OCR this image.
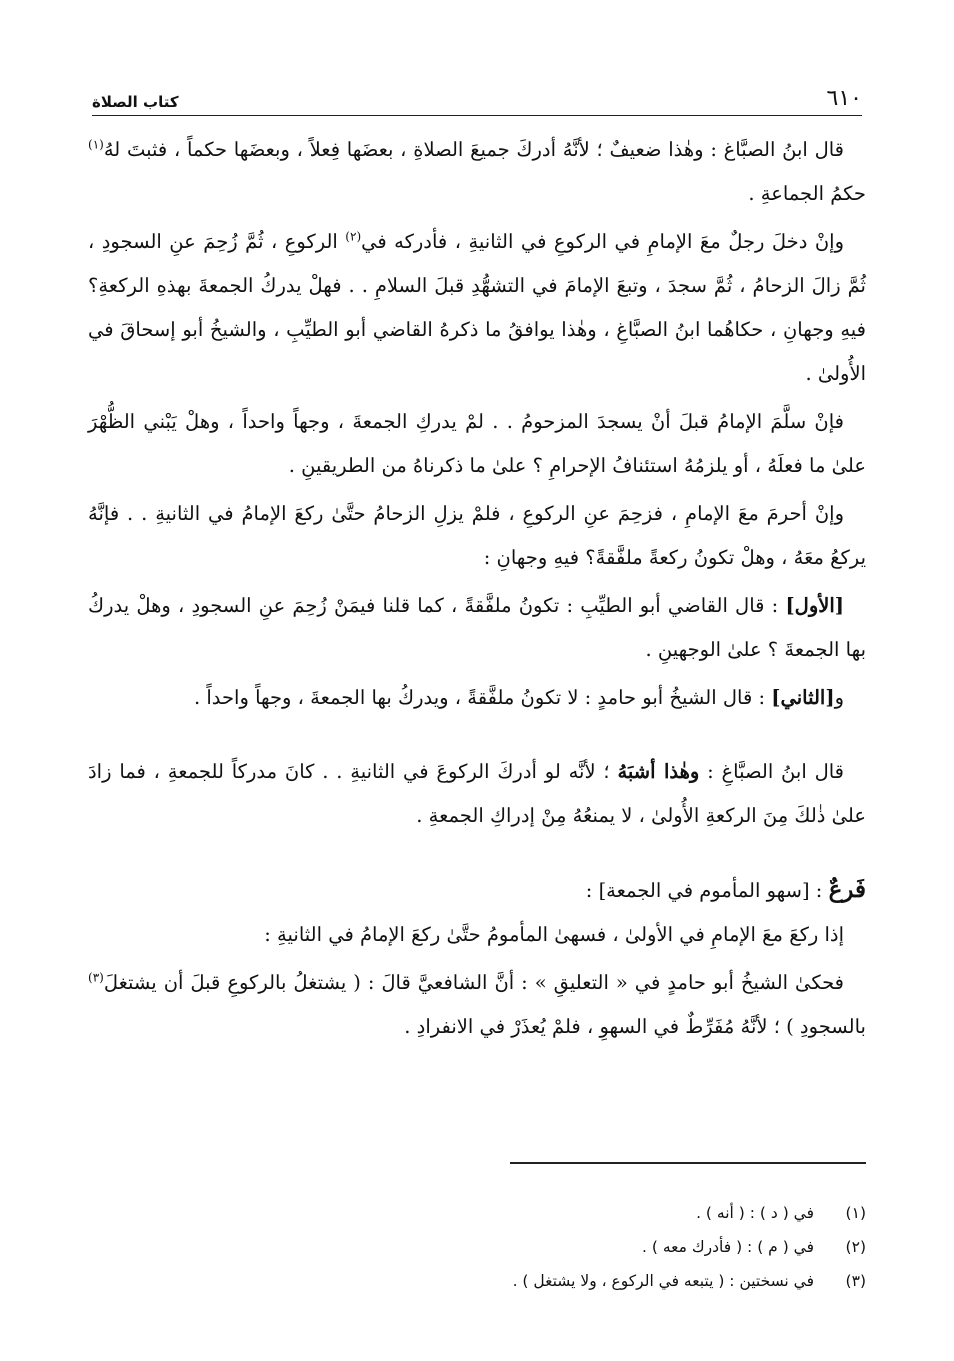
كتاب الصلاة	٦١٠

قال ابنُ الصبَّاغ : وهٰذا ضعيفٌ ؛ لأنَّهُ أدركَ جميعَ الصلاةِ ، بعضَها فِعلاً ، وبعضَها حكماً ، فثبتَ لهُ$^{(١)}$ حكمُ الجماعةِ .

وإنْ دخلَ رجلٌ معَ الإمامِ في الركوعِ في الثانيةِ ، فأدركه في$^{(٢)}$ الركوعِ ، ثُمَّ زُحِمَ عنِ السجودِ ، ثُمَّ زالَ الزحامُ ، ثُمَّ سجدَ ، وتبعَ الإمامَ في التشهُّدِ قبلَ السلامِ . . فهلْ يدركُ الجمعةَ بهذهِ الركعةِ؟ فيهِ وجهانِ ، حكاهُما ابنُ الصبَّاغِ ، وهٰذا يوافقُ ما ذكرهُ القاضي أبو الطيِّبِ ، والشيخُ أبو إسحاقَ في الأُولىٰ .

فإنْ سلَّمَ الإمامُ قبلَ أنْ يسجدَ المزحومُ . . لمْ يدركِ الجمعةَ ، وجهاً واحداً ، وهلْ يَبْني الظُّهْرَ علىٰ ما فعلَهُ ، أو يلزمُهُ استئنافُ الإحرامِ ؟ علىٰ ما ذكرناهُ من الطريقينِ .

وإنْ أحرمَ معَ الإمامِ ، فزحِمَ عنِ الركوعِ ، فلمْ يزلِ الزحامُ حتَّىٰ ركعَ الإمامُ في الثانيةِ . . فإنَّهُ يركعُ معَهُ ، وهلْ تكونُ ركعةً ملفَّقةً؟ فيهِ وجهانِ :

[الأول] : قال القاضي أبو الطيِّبِ : تكونُ ملفَّقةً ، كما قلنا فيمَنْ زُحِمَ عنِ السجودِ ، وهلْ يدركُ بها الجمعةَ ؟ علىٰ الوجهينِ .

و[الثاني] : قال الشيخُ أبو حامدٍ : لا تكونُ ملفَّقةً ، ويدركُ بها الجمعةَ ، وجهاً واحداً .

قال ابنُ الصبَّاغِ : وهٰذا أشبَهُ ؛ لأنَّه لو أدركَ الركوعَ في الثانيةِ . . كانَ مدركاً للجمعةِ ، فما زادَ علىٰ ذٰلكَ مِنَ الركعةِ الأُولىٰ ، لا يمنعُهُ مِنْ إدراكِ الجمعةِ .

فَرعٌ : [سهو المأموم في الجمعة] :

إذا ركعَ معَ الإمامِ في الأولىٰ ، فسهىٰ المأمومُ حتَّىٰ ركعَ الإمامُ في الثانيةِ :

فحكىٰ الشيخُ أبو حامدٍ في « التعليقِ » : أنَّ الشافعيَّ قالَ : ( يشتغلُ بالركوعِ قبلَ أن يشتغلَ$^{(٣)}$ بالسجودِ ) ؛ لأنَّهُ مُفَرِّطٌ في السهوِ ، فلمْ يُعذَرْ في الانفرادِ .

(١)
في ( د ) : ( أنه ) .
(٢)
في ( م ) : ( فأدرك معه ) .
(٣)
في نسختين : ( يتبعه في الركوع ، ولا يشتغل ) .
